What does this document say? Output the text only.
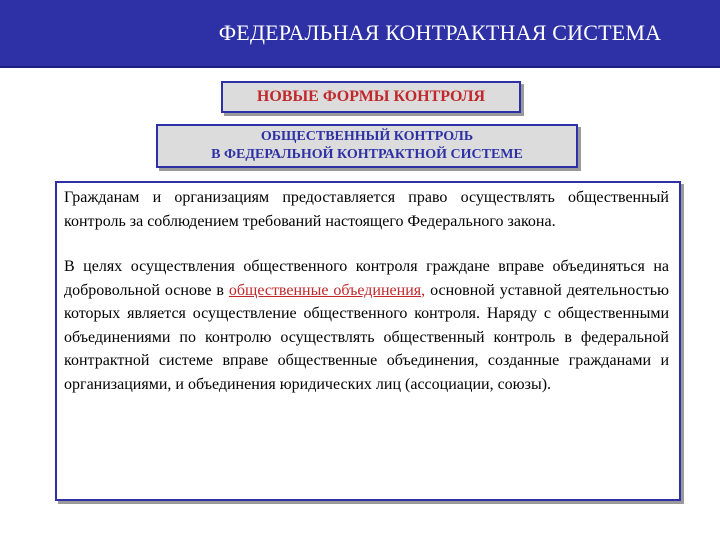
ФЕДЕРАЛЬНАЯ КОНТРАКТНАЯ СИСТЕМА
НОВЫЕ ФОРМЫ КОНТРОЛЯ
ОБЩЕСТВЕННЫЙ КОНТРОЛЬ
В ФЕДЕРАЛЬНОЙ КОНТРАКТНОЙ СИСТЕМЕ

Гражданам и организациям предоставляется право осуществлять общественный контроль за соблюдением требований настоящего Федерального закона.

В целях осуществления общественного контроля граждане вправе объединяться на добровольной основе в общественные объединения, основной уставной деятельностью которых является осуществление общественного контроля. Наряду с общественными объединениями по контролю осуществлять общественный контроль в федеральной контрактной системе вправе общественные объединения, созданные гражданами и организациями, и объединения юридических лиц (ассоциации, союзы).
